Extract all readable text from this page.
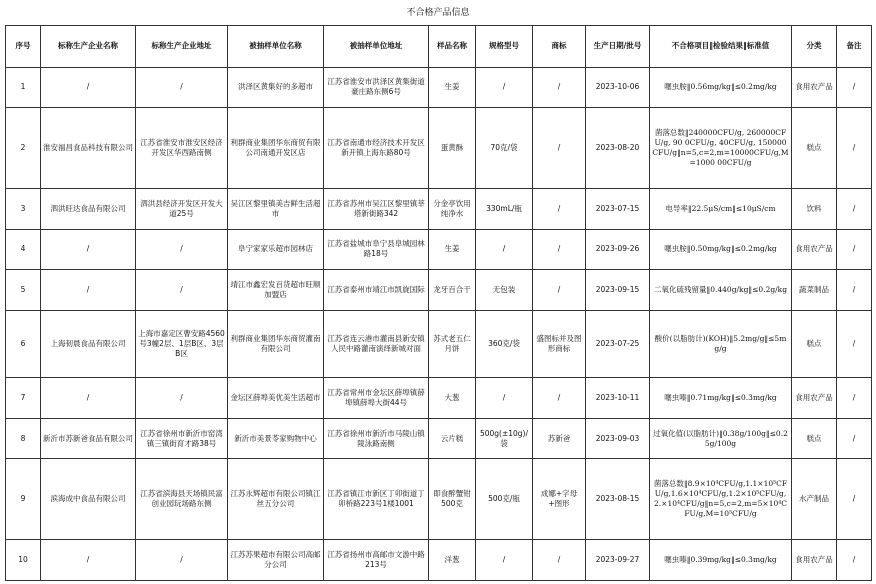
不合格产品信息
序号	标称生产企业名称	标称生产企业地址	被抽样单位名称	被抽样单位地址	样品名称	规格型号	商标	生产日期/批号	不合格项目‖检验结果‖标准值	分类	备注
1	/	/	洪泽区黄集好的多超市	江苏省淮安市洪泽区黄集街道豪庄路东侧6号	生姜	/	/	2023-10-06	噻虫胺‖0.56mg/kg‖≤0.2mg/kg	食用农产品	/
2	淮安福昌食品科技有限公司	江苏省淮安市淮安区经济开发区华西路南侧	利群商业集团华东商贸有限公司南通开发区店	江苏省南通市经济技术开发区新开镇上海东路80号	蛋黄酥	70克/袋	/	2023-08-20	菌落总数‖240000CFU/g, 260000CFU/g, 90 0CFU/g, 40CFU/g, 150000CFU/g‖n=5,c=2,m=10000CFU/g,M=1000 00CFU/g	糕点	/
3	泗洪旺达食品有限公司	泗洪县经济开发区开发大道25号	吴江区黎里镇美吉鲜生活超市	江苏省苏州市吴江区黎里镇莘塔新街路342	分金亭饮用纯净水	330mL/瓶	/	2023-07-15	电导率‖22.5μS/cm‖≤10μS/cm	饮料	/
4	/	/	阜宁家家乐超市园林店	江苏省盐城市阜宁县阜城园林路18号	生姜	/	/	2023-09-26	噻虫胺‖0.50mg/kg‖≤0.2mg/kg	食用农产品	/
5	/	/	靖江市鑫宏发百货超市旺顺加盟店	江苏省泰州市靖江市凯旋国际	龙牙百合干	无包装	/	2023-09-15	二氧化硫残留量‖0.440g/kg‖≤0.2g/kg	蔬菜制品	/
6	上海韧晨食品有限公司	上海市嘉定区曹安路4560号3幢2层、1层B区、3层B区	利群商业集团华东商贸灌南有限公司	江苏省连云港市灌南县新安镇人民中路灌南演绎新城对面	苏式老五仁月饼	360克/袋	盛图标并及图形商标	2023-07-25	酸价(以脂肪计)(KOH)‖5.2mg/g‖≤5mg/g	糕点	/
7	/	/	金坛区薛埠美优美生活超市	江苏省常州市金坛区薛埠镇薛埠镇薛埠大街44号	大葱	/	/	2023-10-11	噻虫嗪‖0.71mg/kg‖≤0.3mg/kg	食用农产品	/
8	新沂市苏新爸食品有限公司	江苏省徐州市新沂市窑湾镇三镇街育才路38号	新沂市美景苓家购物中心	江苏省徐州市新沂市马陵山镇陵泳路南侧	云片糕	500g(±10g)/袋	苏新爸	2023-09-03	过氧化值(以脂肪计)‖0.38g/100g‖≤0.25g/100g	糕点	/
9	滨海成中食品有限公司	江苏省滨海县天场镇民富创业园玩场路东侧	江苏永辉超市有限公司镇江丝五分公司	江苏省镇江市新区丁卯街道丁卯桥路223号1楼1001	即食醉蟹钳500克	500克/瓶	成娜+字母+图形	2023-08-15	菌落总数‖8.9×10⁴CFU/g,1.1×10⁵CFU/g,1.6×10⁴CFU/g,1.2×10⁵CFU/g,2.×10⁴CFU/g‖n=5,c=2,m=5×10⁴CFU/g,M=10⁵CFU/g	水产制品	/
10	/	/	江苏苏果超市有限公司高邮分公司	江苏省扬州市高邮市文游中路213号	洋葱	/	/	2023-09-27	噻虫嗪‖0.39mg/kg‖≤0.3mg/kg	食用农产品	/
